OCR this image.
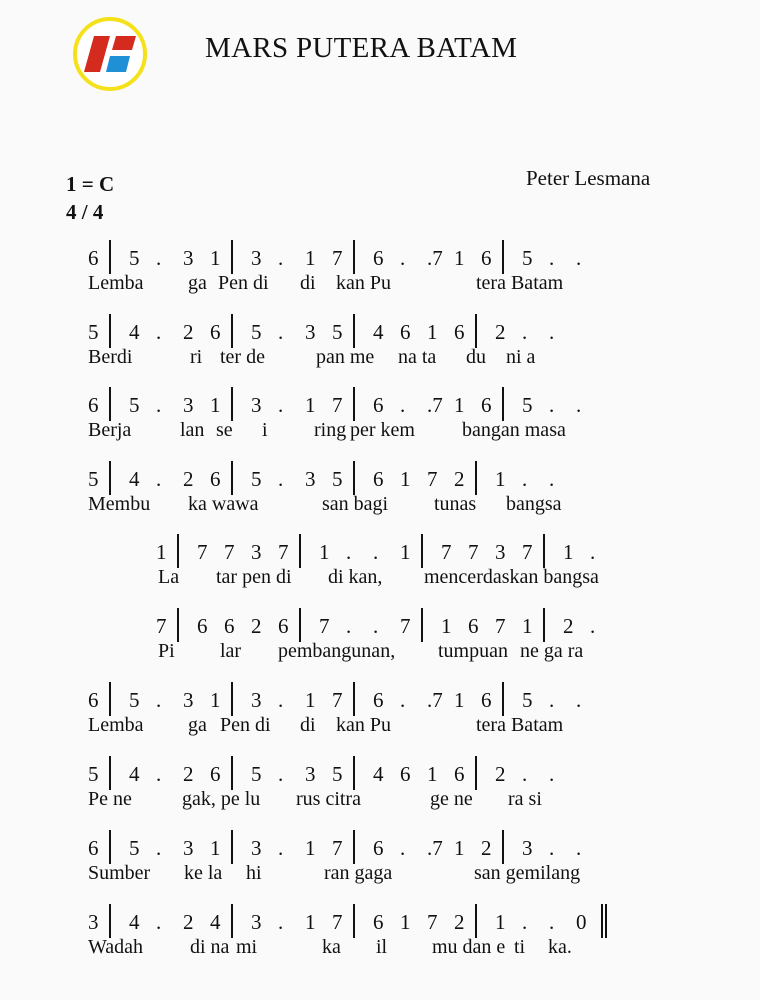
MARS PUTERA BATAM
1 = C
4 / 4
Peter Lesmana
6 5 . 3 1 3 . 1 7 6 . .7 1 6 5 . .
Lemba ga Pen di di kan Pu	tera Batam
5 4 . 2 6 5 . 3 5 4 6 1 6 2 . .
Berdi	ri ter de	pan me na ta du ni a
6 5 . 3 1 3 . 1 7 6 . .7 1 6 5 . .
Berja lan se i ring per kem bangan masa
5 4 . 2 6 5 . 3 5 6 1 7 2 1 . .
Membu ka wawa	san bagi tunas bangsa
1 7 7 3 7 1 . . 1 7 7 3 7 1 .
La tar pen di di kan, mencerdaskan bangsa
7 6 6 2 6 7 . . 7 1 6 7 1 2 .
Pi lar pembangunan, tumpuan ne ga ra
6 5 . 3 1 3 . 1 7 6 . .7 1 6 5 . .
Lemba ga Pen di di kan Pu	tera Batam
5 4 . 2 6 5 . 3 5 4 6 1 6 2 . .
Pe ne	gak, pe lu rus citra	ge ne ra si
6 5 . 3 1 3 . 1 7 6 . .7 1 2 3 . .
Sumber ke la hi	ran gaga	san gemilang
3 4 . 2 4 3 . 1 7 6 1 7 2 1 . . 0
Wadah di na mi	ka il mu dan e ti ka.
